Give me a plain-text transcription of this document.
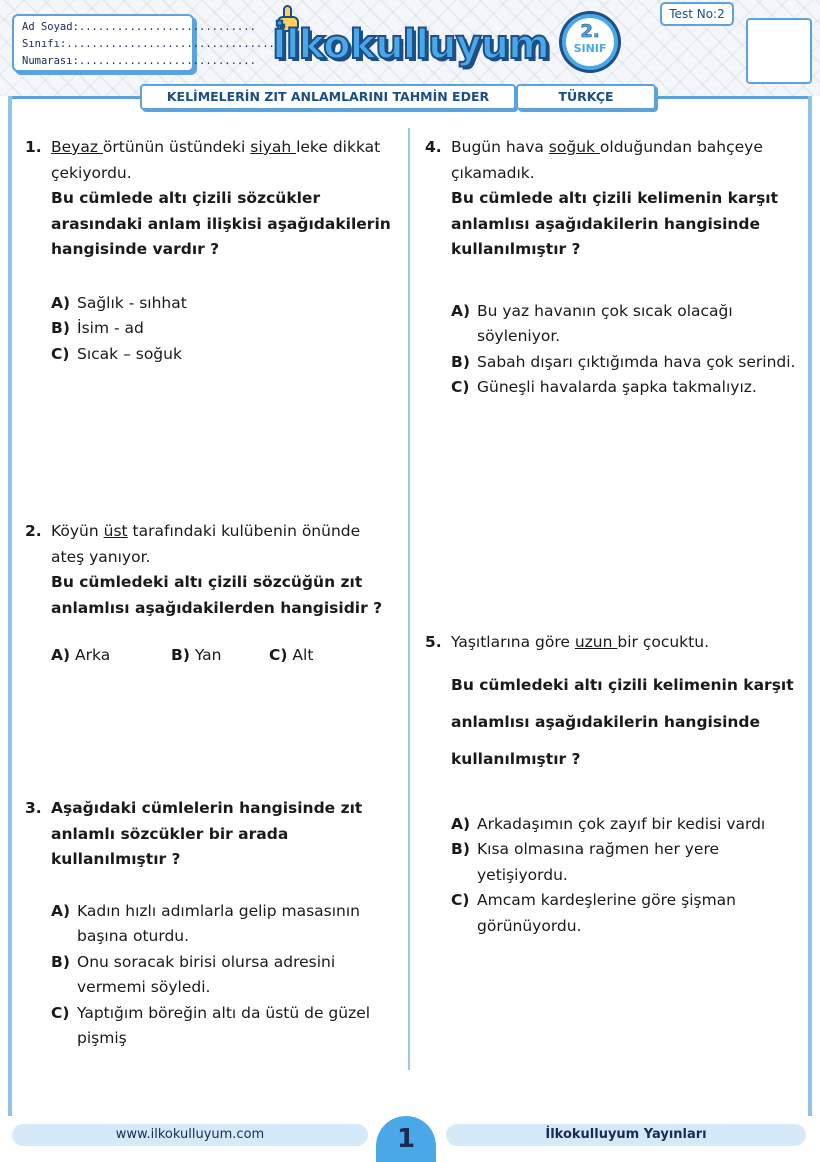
Ad Soyad:............................
Sınıfı:..................................
Numarası:............................ İlkokulluyum	2.
SINIF
Test No:2
KELİMELERİN ZIT ANLAMLARINI TAHMİN EDER	TÜRKÇE
1. Beyaz örtünün üstündeki siyah leke dikkat çekiyordu.

Bu cümlede altı çizili sözcükler arasındaki anlam ilişkisi aşağıdakilerin hangisinde vardır ?

A) Sağlık - sıhhat
B) İsim - ad
C) Sıcak – soğuk
2. Köyün üst tarafındaki kulübenin önünde ateş yanıyor.

Bu cümledeki altı çizili sözcüğün zıt anlamlısı aşağıdakilerden hangisidir ?

A) Arka	B) Yan	C) Alt
3. Aşağıdaki cümlelerin hangisinde zıt anlamlı sözcükler bir arada kullanılmıştır ?

A) Kadın hızlı adımlarla gelip masasının başına oturdu.
B) Onu soracak birisi olursa adresini vermemi söyledi.
C) Yaptığım böreğin altı da üstü de güzel pişmiş
4. Bugün hava soğuk olduğundan bahçeye çıkamadık.

Bu cümlede altı çizili kelimenin karşıt anlamlısı aşağıdakilerin hangisinde kullanılmıştır ?

A) Bu yaz havanın çok sıcak olacağı söyleniyor.
B) Sabah dışarı çıktığımda hava çok serindi.
C) Güneşli havalarda şapka takmalıyız.
5. Yaşıtlarına göre uzun bir çocuktu.

Bu cümledeki altı çizili kelimenin karşıt
anlamlısı aşağıdakilerin hangisinde
kullanılmıştır ?

A) Arkadaşımın çok zayıf bir kedisi vardı
B) Kısa olmasına rağmen her yere yetişiyordu.
C) Amcam kardeşlerine göre şişman görünüyordu.
www.ilkokulluyum.com	1	İlkokulluyum Yayınları
